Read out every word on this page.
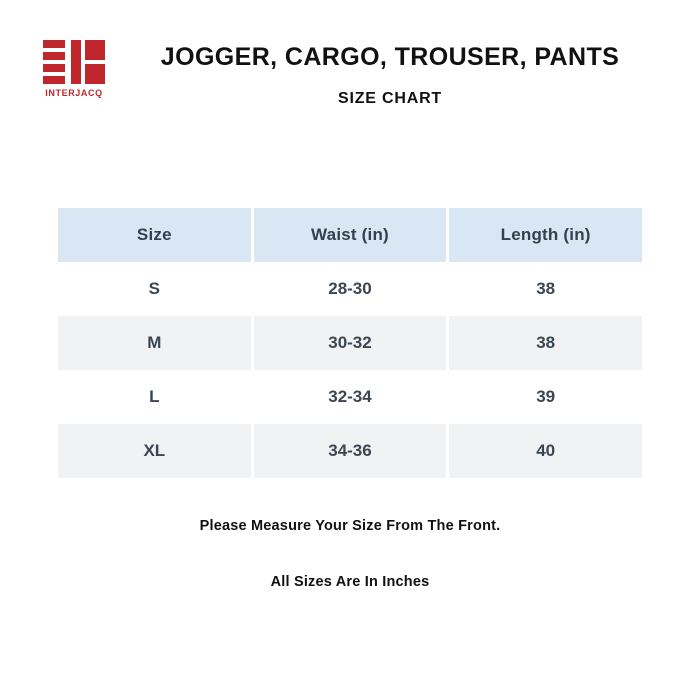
INTERJACQ
JOGGER, CARGO, TROUSER, PANTS
SIZE CHART
Size	Waist (in)	Length (in)
S	28-30	38
M	30-32	38
L	32-34	39
XL	34-36	40
Please Measure Your Size From The Front.
All Sizes Are In Inches
